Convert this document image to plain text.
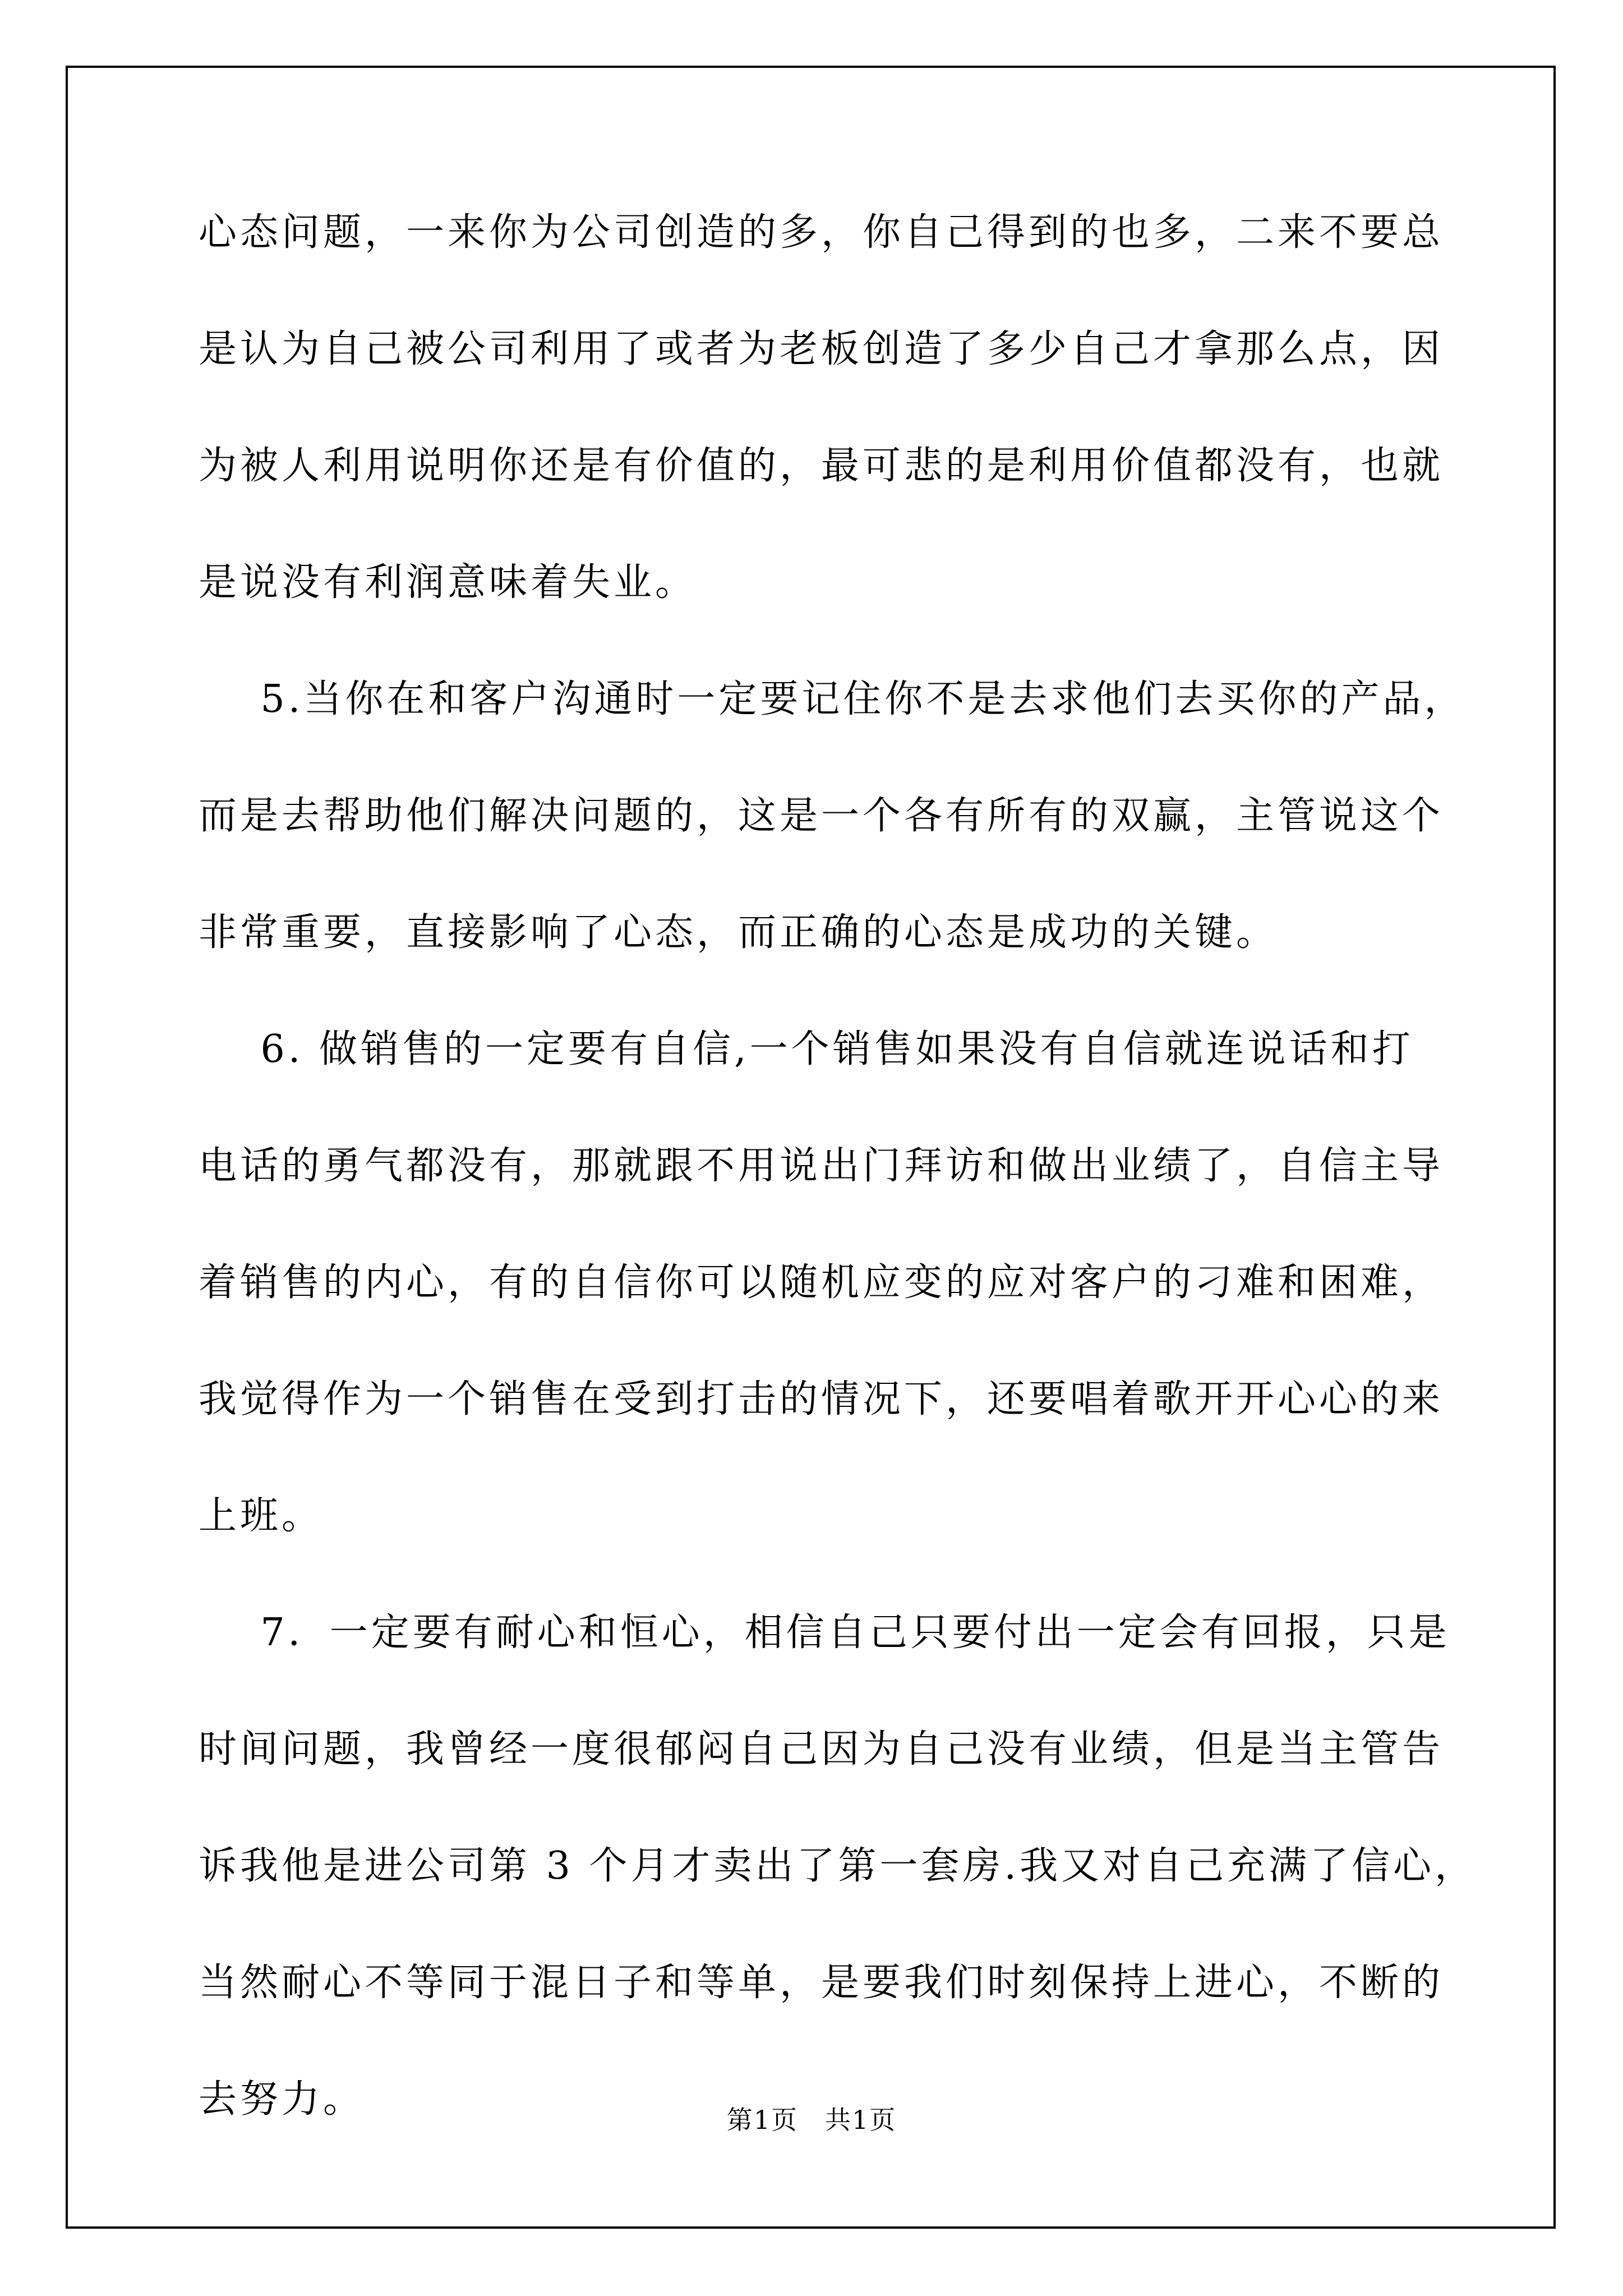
心态问题，一来你为公司创造的多，你自己得到的也多，二来不要总
是认为自己被公司利用了或者为老板创造了多少自己才拿那么点，因
为被人利用说明你还是有价值的，最可悲的是利用价值都没有，也就
是说没有利润意味着失业。
5.当你在和客户沟通时一定要记住你不是去求他们去买你的产品，
而是去帮助他们解决问题的，这是一个各有所有的双赢，主管说这个
非常重要，直接影响了心态，而正确的心态是成功的关键。
6. 做销售的一定要有自信,一个销售如果没有自信就连说话和打
电话的勇气都没有，那就跟不用说出门拜访和做出业绩了，自信主导
着销售的内心，有的自信你可以随机应变的应对客户的刁难和困难，
我觉得作为一个销售在受到打击的情况下，还要唱着歌开开心心的来
上班。
7．一定要有耐心和恒心，相信自己只要付出一定会有回报，只是
时间问题，我曾经一度很郁闷自己因为自己没有业绩，但是当主管告
诉我他是进公司第 3 个月才卖出了第一套房.我又对自己充满了信心，
当然耐心不等同于混日子和等单，是要我们时刻保持上进心，不断的
去努力。	第1页　共1页
